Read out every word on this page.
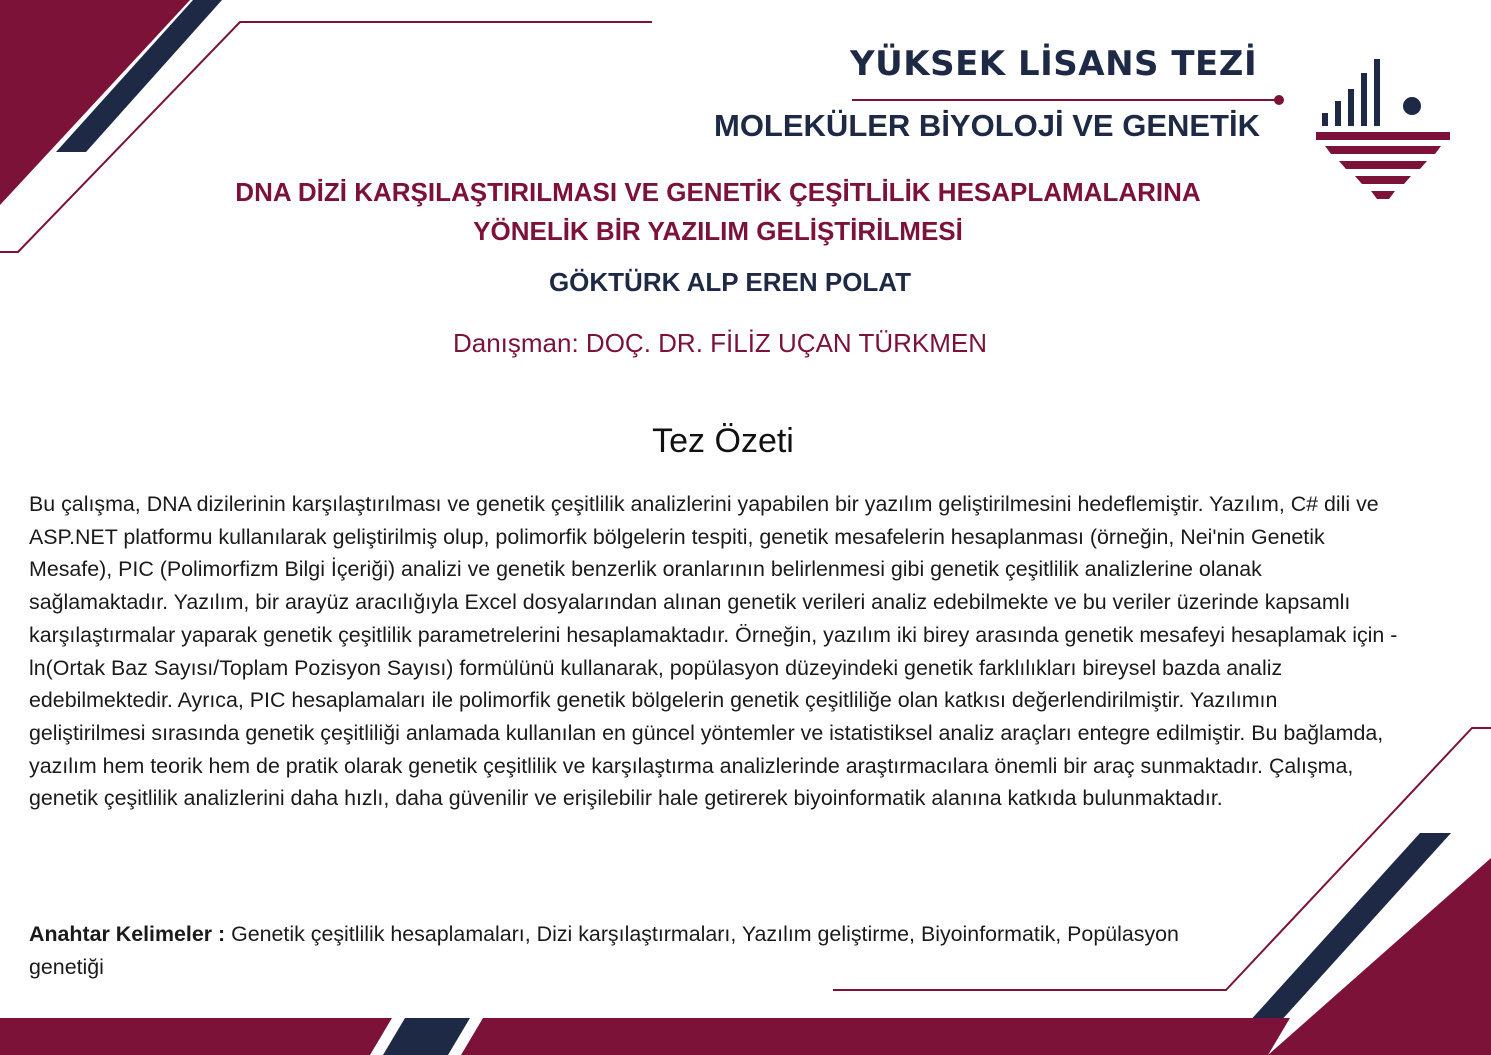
YÜKSEK LİSANS TEZİ
MOLEKÜLER BİYOLOJİ VE GENETİK
DNA DİZİ KARŞILAŞTIRILMASI VE GENETİK ÇEŞİTLİLİK HESAPLAMALARINA
YÖNELİK BİR YAZILIM GELİŞTİRİLMESİ
GÖKTÜRK ALP EREN POLAT
Danışman: DOÇ. DR. FİLİZ UÇAN TÜRKMEN
Tez Özeti
Bu çalışma, DNA dizilerinin karşılaştırılması ve genetik çeşitlilik analizlerini yapabilen bir yazılım geliştirilmesini hedeflemiştir. Yazılım, C# dili ve ASP.NET platformu kullanılarak geliştirilmiş olup, polimorfik bölgelerin tespiti, genetik mesafelerin hesaplanması (örneğin, Nei'nin Genetik Mesafe), PIC (Polimorfizm Bilgi İçeriği) analizi ve genetik benzerlik oranlarının belirlenmesi gibi genetik çeşitlilik analizlerine olanak sağlamaktadır. Yazılım, bir arayüz aracılığıyla Excel dosyalarından alınan genetik verileri analiz edebilmekte ve bu veriler üzerinde kapsamlı karşılaştırmalar yaparak genetik çeşitlilik parametrelerini hesaplamaktadır. Örneğin, yazılım iki birey arasında genetik mesafeyi hesaplamak için -ln(Ortak Baz Sayısı/Toplam Pozisyon Sayısı) formülünü kullanarak, popülasyon düzeyindeki genetik farklılıkları bireysel bazda analiz edebilmektedir. Ayrıca, PIC hesaplamaları ile polimorfik genetik bölgelerin genetik çeşitliliğe olan katkısı değerlendirilmiştir. Yazılımın geliştirilmesi sırasında genetik çeşitliliği anlamada kullanılan en güncel yöntemler ve istatistiksel analiz araçları entegre edilmiştir. Bu bağlamda, yazılım hem teorik hem de pratik olarak genetik çeşitlilik ve karşılaştırma analizlerinde araştırmacılara önemli bir araç sunmaktadır. Çalışma, genetik çeşitlilik analizlerini daha hızlı, daha güvenilir ve erişilebilir hale getirerek biyoinformatik alanına katkıda bulunmaktadır.
Anahtar Kelimeler : Genetik çeşitlilik hesaplamaları, Dizi karşılaştırmaları, Yazılım geliştirme, Biyoinformatik, Popülasyon genetiği
